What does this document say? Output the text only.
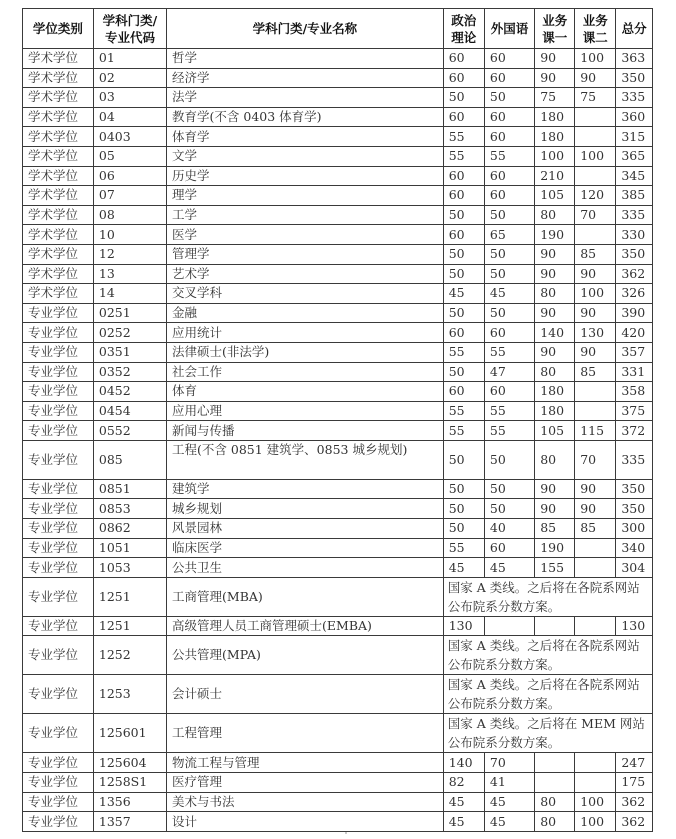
学位类别	学科门类/专业代码	学科门类/专业名称	政治理论	外国语	业务课一	业务课二	总分
学术学位	01	哲学	60	60	90	100	363
学术学位	02	经济学	60	60	90	90	350
学术学位	03	法学	50	50	75	75	335
学术学位	04	教育学(不含 0403 体育学)	60	60	180		360
学术学位	0403	体育学	55	60	180		315
学术学位	05	文学	55	55	100	100	365
学术学位	06	历史学	60	60	210		345
学术学位	07	理学	60	60	105	120	385
学术学位	08	工学	50	50	80	70	335
学术学位	10	医学	60	65	190		330
学术学位	12	管理学	50	50	90	85	350
学术学位	13	艺术学	50	50	90	90	362
学术学位	14	交叉学科	45	45	80	100	326
专业学位	0251	金融	50	50	90	90	390
专业学位	0252	应用统计	60	60	140	130	420
专业学位	0351	法律硕士(非法学)	55	55	90	90	357
专业学位	0352	社会工作	50	47	80	85	331
专业学位	0452	体育	60	60	180		358
专业学位	0454	应用心理	55	55	180		375
专业学位	0552	新闻与传播	55	55	105	115	372
专业学位	085	工程(不含 0851 建筑学、0853 城乡规划)	50	50	80	70	335
专业学位	0851	建筑学	50	50	90	90	350
专业学位	0853	城乡规划	50	50	90	90	350
专业学位	0862	风景园林	50	40	85	85	300
专业学位	1051	临床医学	55	60	190		340
专业学位	1053	公共卫生	45	45	155		304
专业学位	1251	工商管理(MBA)	国家 A 类线。之后将在各院系网站公布院系分数方案。				
专业学位	1251	高级管理人员工商管理硕士(EMBA)	130				130
专业学位	1252	公共管理(MPA)	国家 A 类线。之后将在各院系网站公布院系分数方案。				
专业学位	1253	会计硕士	国家 A 类线。之后将在各院系网站公布院系分数方案。				
专业学位	125601	工程管理	国家 A 类线。之后将在 MEM 网站公布院系分数方案。				
专业学位	125604	物流工程与管理	140	70			247
专业学位	1258S1	医疗管理	82	41			175
专业学位	1356	美术与书法	45	45	80	100	362
专业学位	1357	设计	45	45	80	100	362
